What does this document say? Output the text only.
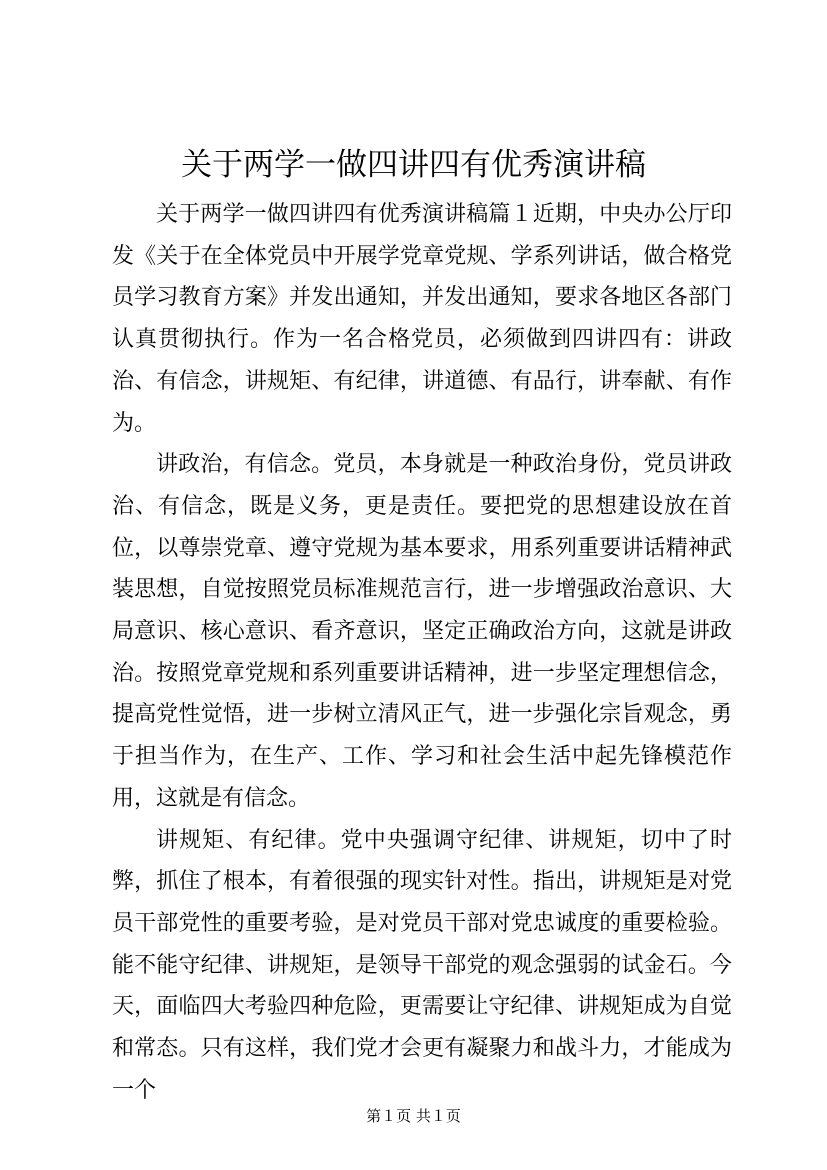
关于两学一做四讲四有优秀演讲稿

关于两学一做四讲四有优秀演讲稿篇１近期，中央办公厅印发《关于在全体党员中开展学党章党规、学系列讲话，做合格党员学习教育方案》并发出通知，并发出通知，要求各地区各部门认真贯彻执行。作为一名合格党员，必须做到四讲四有：讲政治、有信念，讲规矩、有纪律，讲道德、有品行，讲奉献、有作为。

讲政治，有信念。党员，本身就是一种政治身份，党员讲政治、有信念，既是义务，更是责任。要把党的思想建设放在首位，以尊崇党章、遵守党规为基本要求，用系列重要讲话精神武装思想，自觉按照党员标准规范言行，进一步增强政治意识、大局意识、核心意识、看齐意识，坚定正确政治方向，这就是讲政治。按照党章党规和系列重要讲话精神，进一步坚定理想信念，提高党性觉悟，进一步树立清风正气，进一步强化宗旨观念，勇于担当作为，在生产、工作、学习和社会生活中起先锋模范作用，这就是有信念。

讲规矩、有纪律。党中央强调守纪律、讲规矩，切中了时弊，抓住了根本，有着很强的现实针对性。指出，讲规矩是对党员干部党性的重要考验，是对党员干部对党忠诚度的重要检验。能不能守纪律、讲规矩，是领导干部党的观念强弱的试金石。今天，面临四大考验四种危险，更需要让守纪律、讲规矩成为自觉和常态。只有这样，我们党才会更有凝聚力和战斗力，才能成为一个

第１页 共１页
